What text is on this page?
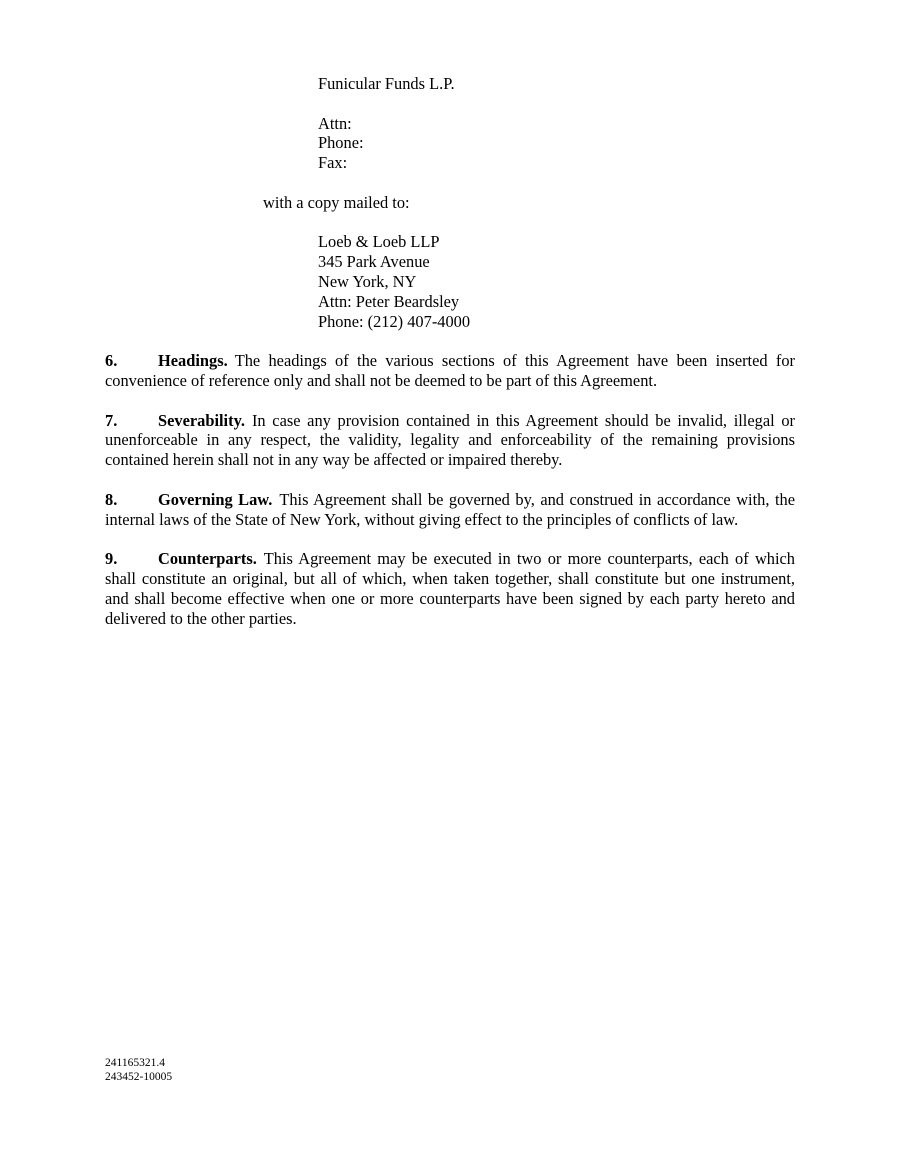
Funicular Funds L.P.
Attn:
Phone:
Fax:
with a copy mailed to:
Loeb & Loeb LLP
345 Park Avenue
New York, NY
Attn: Peter Beardsley
Phone: (212) 407-4000

6. Headings. The headings of the various sections of this Agreement have been inserted for convenience of reference only and shall not be deemed to be part of this Agreement.

7. Severability. In case any provision contained in this Agreement should be invalid, illegal or unenforceable in any respect, the validity, legality and enforceability of the remaining provisions contained herein shall not in any way be affected or impaired thereby.

8. Governing Law. This Agreement shall be governed by, and construed in accordance with, the internal laws of the State of New York, without giving effect to the principles of conflicts of law.

9. Counterparts. This Agreement may be executed in two or more counterparts, each of which shall constitute an original, but all of which, when taken together, shall constitute but one instrument, and shall become effective when one or more counterparts have been signed by each party hereto and delivered to the other parties.

241165321.4
243452-10005
